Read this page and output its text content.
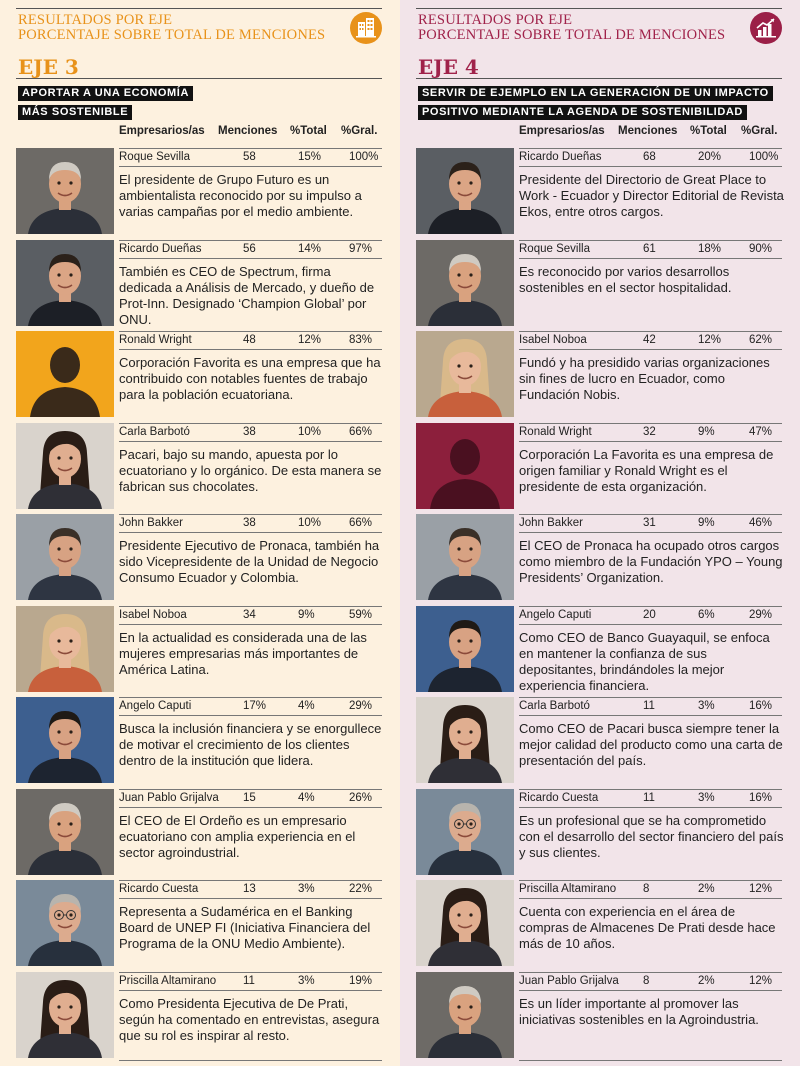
RESULTADOS POR EJE
PORCENTAJE SOBRE TOTAL DE MENCIONES
EJE 3
APORTAR A UNA ECONOMÍA
MÁS SOSTENIBLE
Empresarios/as Menciones %Total %Gral.
Roque Sevilla	58	15% 100%
El presidente de Grupo Futuro es un ambientalista reconocido por su impulso a varias campañas por el medio ambiente.
Ricardo Dueñas	56	14% 97%
También es CEO de Spectrum, firma dedicada a Análisis de Mercado, y dueño de Prot-Inn. Designado ‘Champion Global’ por ONU.
Ronald Wright	48	12% 83%
Corporación Favorita es una empresa que ha contribuido con notables fuentes de trabajo para la población ecuatoriana.
Carla Barbotó	38	10% 66%
Pacari, bajo su mando, apuesta por lo ecuatoriano y lo orgánico. De esta manera se fabrican sus chocolates.
John Bakker	38	10% 66%
Presidente Ejecutivo de Pronaca, también ha sido Vicepresidente de la Unidad de Negocio Consumo Ecuador y Colombia.
Isabel Noboa	34	9%	59%
En la actualidad es considerada una de las mujeres empresarias más importantes de América Latina.
Angelo Caputi	17%	4%	29%
Busca la inclusión financiera y se enorgullece de motivar el crecimiento de los clientes dentro de la institución que lidera.
Juan Pablo Grijalva 15	4%	26%
El CEO de El Ordeño es un empresario ecuatoriano con amplia experiencia en el sector agroindustrial.
Ricardo Cuesta	13	3%	22%
Representa a Sudamérica en el Banking Board de UNEP FI (Iniciativa Financiera del Programa de la ONU Medio Ambiente).
Priscilla Altamirano 11	3%	19%
Como Presidenta Ejecutiva de De Prati, según ha comentado en entrevistas, asegura que su rol es inspirar al resto.
RESULTADOS POR EJE
PORCENTAJE SOBRE TOTAL DE MENCIONES
EJE 4
SERVIR DE EJEMPLO EN LA GENERACIÓN DE UN IMPACTO
POSITIVO MEDIANTE LA AGENDA DE SOSTENIBILIDAD
Empresarios/as Menciones %Total %Gral.
Ricardo Dueñas	68	20% 100%
Presidente del Directorio de Great Place to Work - Ecuador y Director Editorial de Revista Ekos, entre otros cargos.
Roque Sevilla	61	18% 90%
Es reconocido por varios desarrollos sostenibles en el sector hospitalidad.
Isabel Noboa	42	12% 62%
Fundó y ha presidido varias organizaciones sin fines de lucro en Ecuador, como Fundación Nobis.
Ronald Wright	32	9%	47%
Corporación La Favorita es una empresa de origen familiar y Ronald Wright es el presidente de esta organización.
John Bakker	31	9%	46%
El CEO de Pronaca ha ocupado otros cargos como miembro de la Fundación YPO – Young Presidents’ Organization.
Angelo Caputi	20	6%	29%
Como CEO de Banco Guayaquil, se enfoca en mantener la confianza de sus depositantes, brindándoles la mejor experiencia financiera.
Carla Barbotó	11	3%	16%
Como CEO de Pacari busca siempre tener la mejor calidad del producto como una carta de presentación del país.
Ricardo Cuesta	11	3%	16%
Es un profesional que se ha comprometido con el desarrollo del sector financiero del país y sus clientes.
Priscilla Altamirano 8	2%	12%
Cuenta con experiencia en el área de compras de Almacenes De Prati desde hace más de 10 años.
Juan Pablo Grijalva 8	2%	12%
Es un líder importante al promover las iniciativas sostenibles en la Agroindustria.
